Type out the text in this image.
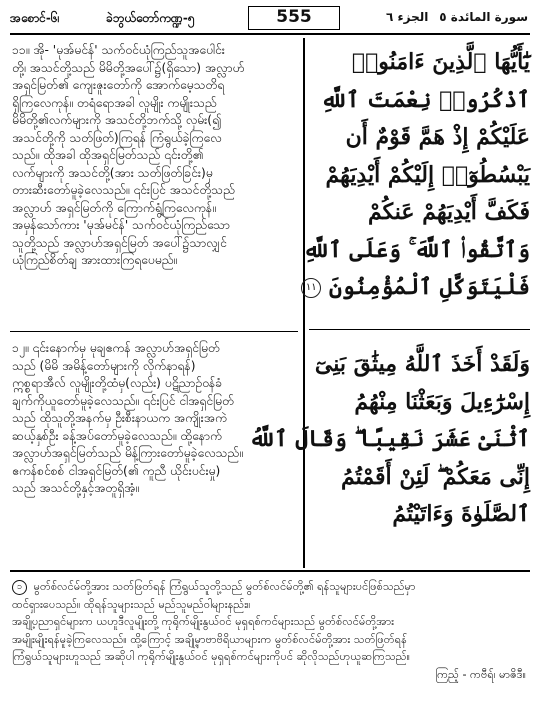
အစောင်-၆၊	ခဲဘွယ်တော်ကဏ္ဍ-၅	555	الجزء ٦ سورة المائدة ٥
၁၁။ အို- 'မုအ်မင်န်' သက်ဝင်ယုံကြည်သူအပေါင်း
တို့၊ အသင်တို့သည် မိမိတို့အပေါ်၌(ရှိသော) အလ္လာဟ်
အရှင်မြတ်၏ ကျေးဇူးတော်ကို အောက်မေ့သတိရ
ရှိကြလေကုန်။ တရံရောအခါ လူမျိုး ကမျိုးသည်
မိမိတို့၏လက်များကို အသင်တို့ဘက်သို့ လှမ်း(၍
အသင်တို့ကို သတ်ဖြတ်)ကြရန် ကြံရွယ်ခဲ့ကြလေ
သည်။ ထိုအခါ ထိုအရှင်မြတ်သည် ၎င်းတို့၏
လက်များကို အသင်တို့(အား သတ်ဖြတ်ခြင်း)မှ
တားဆီးတော်မူခဲ့လေသည်။ ၎င်းပြင် အသင်တို့သည်
အလ္လာဟ် အရှင်မြတ်ကို ကြောက်ရွံ့ကြလေကုန်။
အမှန်သော်ကား 'မုအ်မင်န်' သက်ဝင်ယုံကြည်သော
သူတို့သည် အလ္လာဟ်အရှင်မြတ် အပေါ်၌သာလျှင်
ယုံကြည်စိတ်ချ အားထားကြရပေမည်။
၁၂။ ၎င်းနောက်မှ မုချဧကန် အလ္လာဟ်အရှင်မြတ်
သည် (မိမိ အမိန့်တော်များကို လိုက်နာရန်)
ဣစ္စရာအီလ် လူမျိုးတို့ထံမှ(လည်း) ပဋိညာဉ်ဝန်ခံ
ချက်ကိုယူတော်မူခဲ့လေသည်။ ၎င်းပြင် ငါအရှင်မြတ်
သည် ထိုသူတို့အနက်မှ ဦးစီးနာယက အကျိုးအကဲ
ဆယ့်နှစ်ဦး ခန့်အပ်တော်မူခဲ့လေသည်။ ထို့နောက်
အလ္လာဟ်အရှင်မြတ်သည် မိန့်ကြားတော်မူခဲ့လေသည်။
ဧကန်စင်စစ် ငါအရှင်မြတ်(၏ ကူညီ ယိုင်းပင်းမှု)
သည် အသင်တို့နှင့်အတူရှိအံ့။
يَٰٓأَيُّهَا ٱلَّذِينَ ءَامَنُوا۟
ٱذْكُرُوا۟ نِعْمَتَ ٱللَّهِ
عَلَيْكُمْ إِذْ هَمَّ قَوْمٌ أَن
يَبْسُطُوٓا۟ إِلَيْكُمْ أَيْدِيَهُمْ
فَكَفَّ أَيْدِيَهُمْ عَنكُمْ
وَٱتَّقُوا۟ ٱللَّهَ ۚ وَعَلَى ٱللَّهِ
فَلْيَتَوَكَّلِ ٱلْمُؤْمِنُونَ ١١
وَلَقَدْ أَخَذَ ٱللَّهُ مِيثَٰقَ بَنِىٓ
إِسْرَٰٓءِيلَ وَبَعَثْنَا مِنْهُمُ
ٱثْنَىْ عَشَرَ نَقِيبًا ۖ وَقَالَ ٱللَّهُ
إِنِّى مَعَكُمْ ۖ لَئِنْ أَقَمْتُمُ
ٱلصَّلَوٰةَ وَءَاتَيْتُمُ
၁ မွတ်စ်လင်မ်တို့အား သတ်ဖြတ်ရန် ကြံရွယ်သူတို့သည် မွတ်စ်လင်မ်တို့၏ ရန်သူများပင်ဖြစ်သည်မှာ
ထင်ရှားပေသည်။ ထိုရန်သူများသည် မည်သူမည်ဝါများနည်း။
အချို့ပညာရှင်များက ယဟူဒီလူမျိုးတို့ ကုရိုက်မျိုးနွယ်ဝင် မုရှရစ်ကင်များသည် မွတ်စ်လင်မ်တို့အား
အမျိုးမျိုးရန်မူခဲ့ကြလေသည်။ ထို့ကြောင့် အချို့မှာဗာဗိရိယာများက မွတ်စ်လင်မ်တို့အား သတ်ဖြတ်ရန်
ကြံရွယ်သူများဟူသည် အဆိုပါ ကုရိုက်မျိုးနွယ်ဝင် မုရှရစ်ကင်များကိုပင် ဆိုလိုသည်ဟုယူဆကြသည်။
ကြည့် - ကဗီရ်၊ မာဇိဒီ။
